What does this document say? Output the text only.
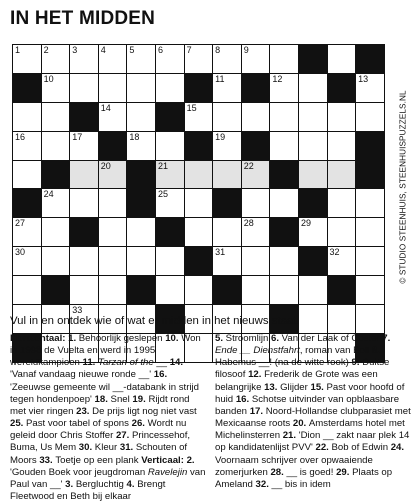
IN HET MIDDEN
1	2	3	4	5	6	7	8	9
10	11	12	13
14	15
16	17	18	19
20	21	22
24	25
27	28	29
30	31	32
33
© STUDIO STEENHUIS, STEENHUISPUZZELS.NL
Vul in en ontdek wie of wat er midden in het nieuws staat
Horizontaal: 1. Behoorlijk geslepen 10. Won in 1998 de Vuelta en werd in 1995 wereldkampioen 11. Tarzan of the __ 14. 'Vanaf vandaag nieuwe ronde __' 16. 'Zeeuwse gemeente wil __-databank in strijd tegen hondenpoep' 18. Snel 19. Rijdt rond met vier ringen 23. De prijs ligt nog niet vast 25. Past voor tabel of spons 26. Wordt nu geleid door Chris Stoffer 27. Princessehof, Buma, Us Mem 30. Kleur 31. Schouten of Moors 33. Toetje op een plank Verticaal: 2. 'Gouden Boek voor jeugdroman Ravelejin van Paul van __' 3. Bergluchtig 4. Brengt Fleetwood en Beth bij elkaar
5. Stroomlijn 6. Van der Laak of Coster 7. Ende __ Dienstfahrt, roman van Böll 8. Habemus __! (na de witte rook) 9. Duitse filosoof 12. Frederik de Grote was een belangrijke 13. Glijder 15. Past voor hoofd of huid 16. Schotse uitvinder van opblaasbare banden 17. Noord-Hollandse clubparasiet met Mexicaanse roots 20. Amsterdams hotel met Michelinsterren 21. 'Dion __ zakt naar plek 14 op kandidatenlijst PVV' 22. Bob of Edwin 24. Voornaam schrijver over opwaaiende zomerjurken 28. __ is goed! 29. Plaats op Ameland 32. __ bis in idem
